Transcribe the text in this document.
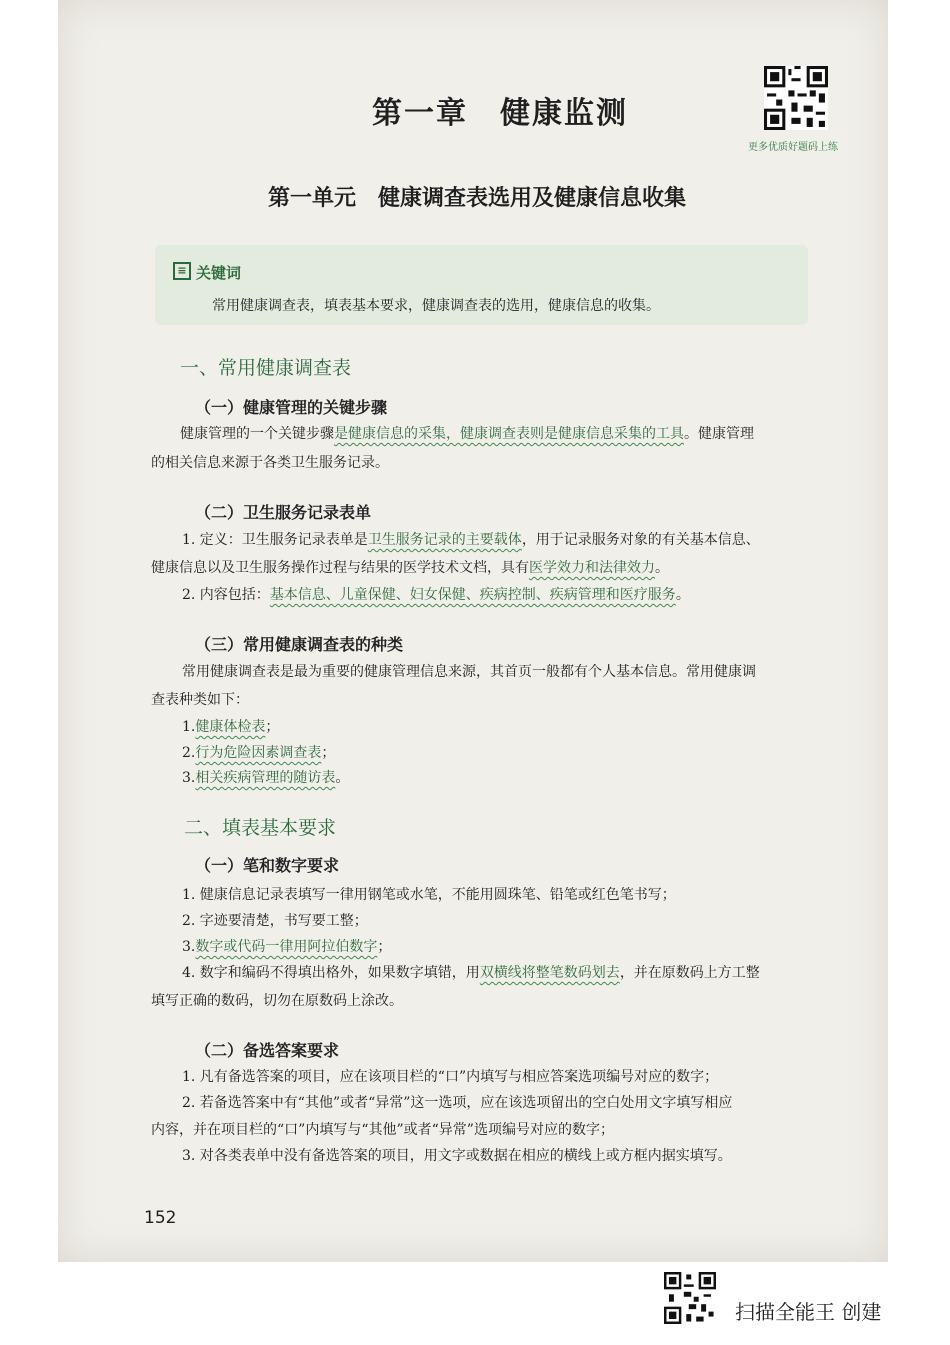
第一章　健康监测
更多优质好题码上练
第一单元　健康调查表选用及健康信息收集
≡ 关键词
常用健康调查表，填表基本要求，健康调查表的选用，健康信息的收集。
一、常用健康调查表
（一）健康管理的关键步骤
健康管理的一个关键步骤是健康信息的采集，健康调查表则是健康信息采集的工具。健康管理
的相关信息来源于各类卫生服务记录。
（二）卫生服务记录表单
1. 定义：卫生服务记录表单是卫生服务记录的主要载体，用于记录服务对象的有关基本信息、
健康信息以及卫生服务操作过程与结果的医学技术文档，具有医学效力和法律效力。
2. 内容包括：基本信息、儿童保健、妇女保健、疾病控制、疾病管理和医疗服务。
（三）常用健康调查表的种类
常用健康调查表是最为重要的健康管理信息来源，其首页一般都有个人基本信息。常用健康调
查表种类如下：
1.健康体检表；
2.行为危险因素调查表；
3.相关疾病管理的随访表。
二、填表基本要求
（一）笔和数字要求
1. 健康信息记录表填写一律用钢笔或水笔，不能用圆珠笔、铅笔或红色笔书写；
2. 字迹要清楚，书写要工整；
3.数字或代码一律用阿拉伯数字；
4. 数字和编码不得填出格外，如果数字填错，用双横线将整笔数码划去，并在原数码上方工整
填写正确的数码，切勿在原数码上涂改。
（二）备选答案要求
1. 凡有备选答案的项目，应在该项目栏的“口”内填写与相应答案选项编号对应的数字；
2. 若备选答案中有“其他”或者“异常”这一选项，应在该选项留出的空白处用文字填写相应
内容，并在项目栏的“口”内填写与“其他”或者“异常”选项编号对应的数字；
3. 对各类表单中没有备选答案的项目，用文字或数据在相应的横线上或方框内据实填写。
152
扫描全能王 创建
